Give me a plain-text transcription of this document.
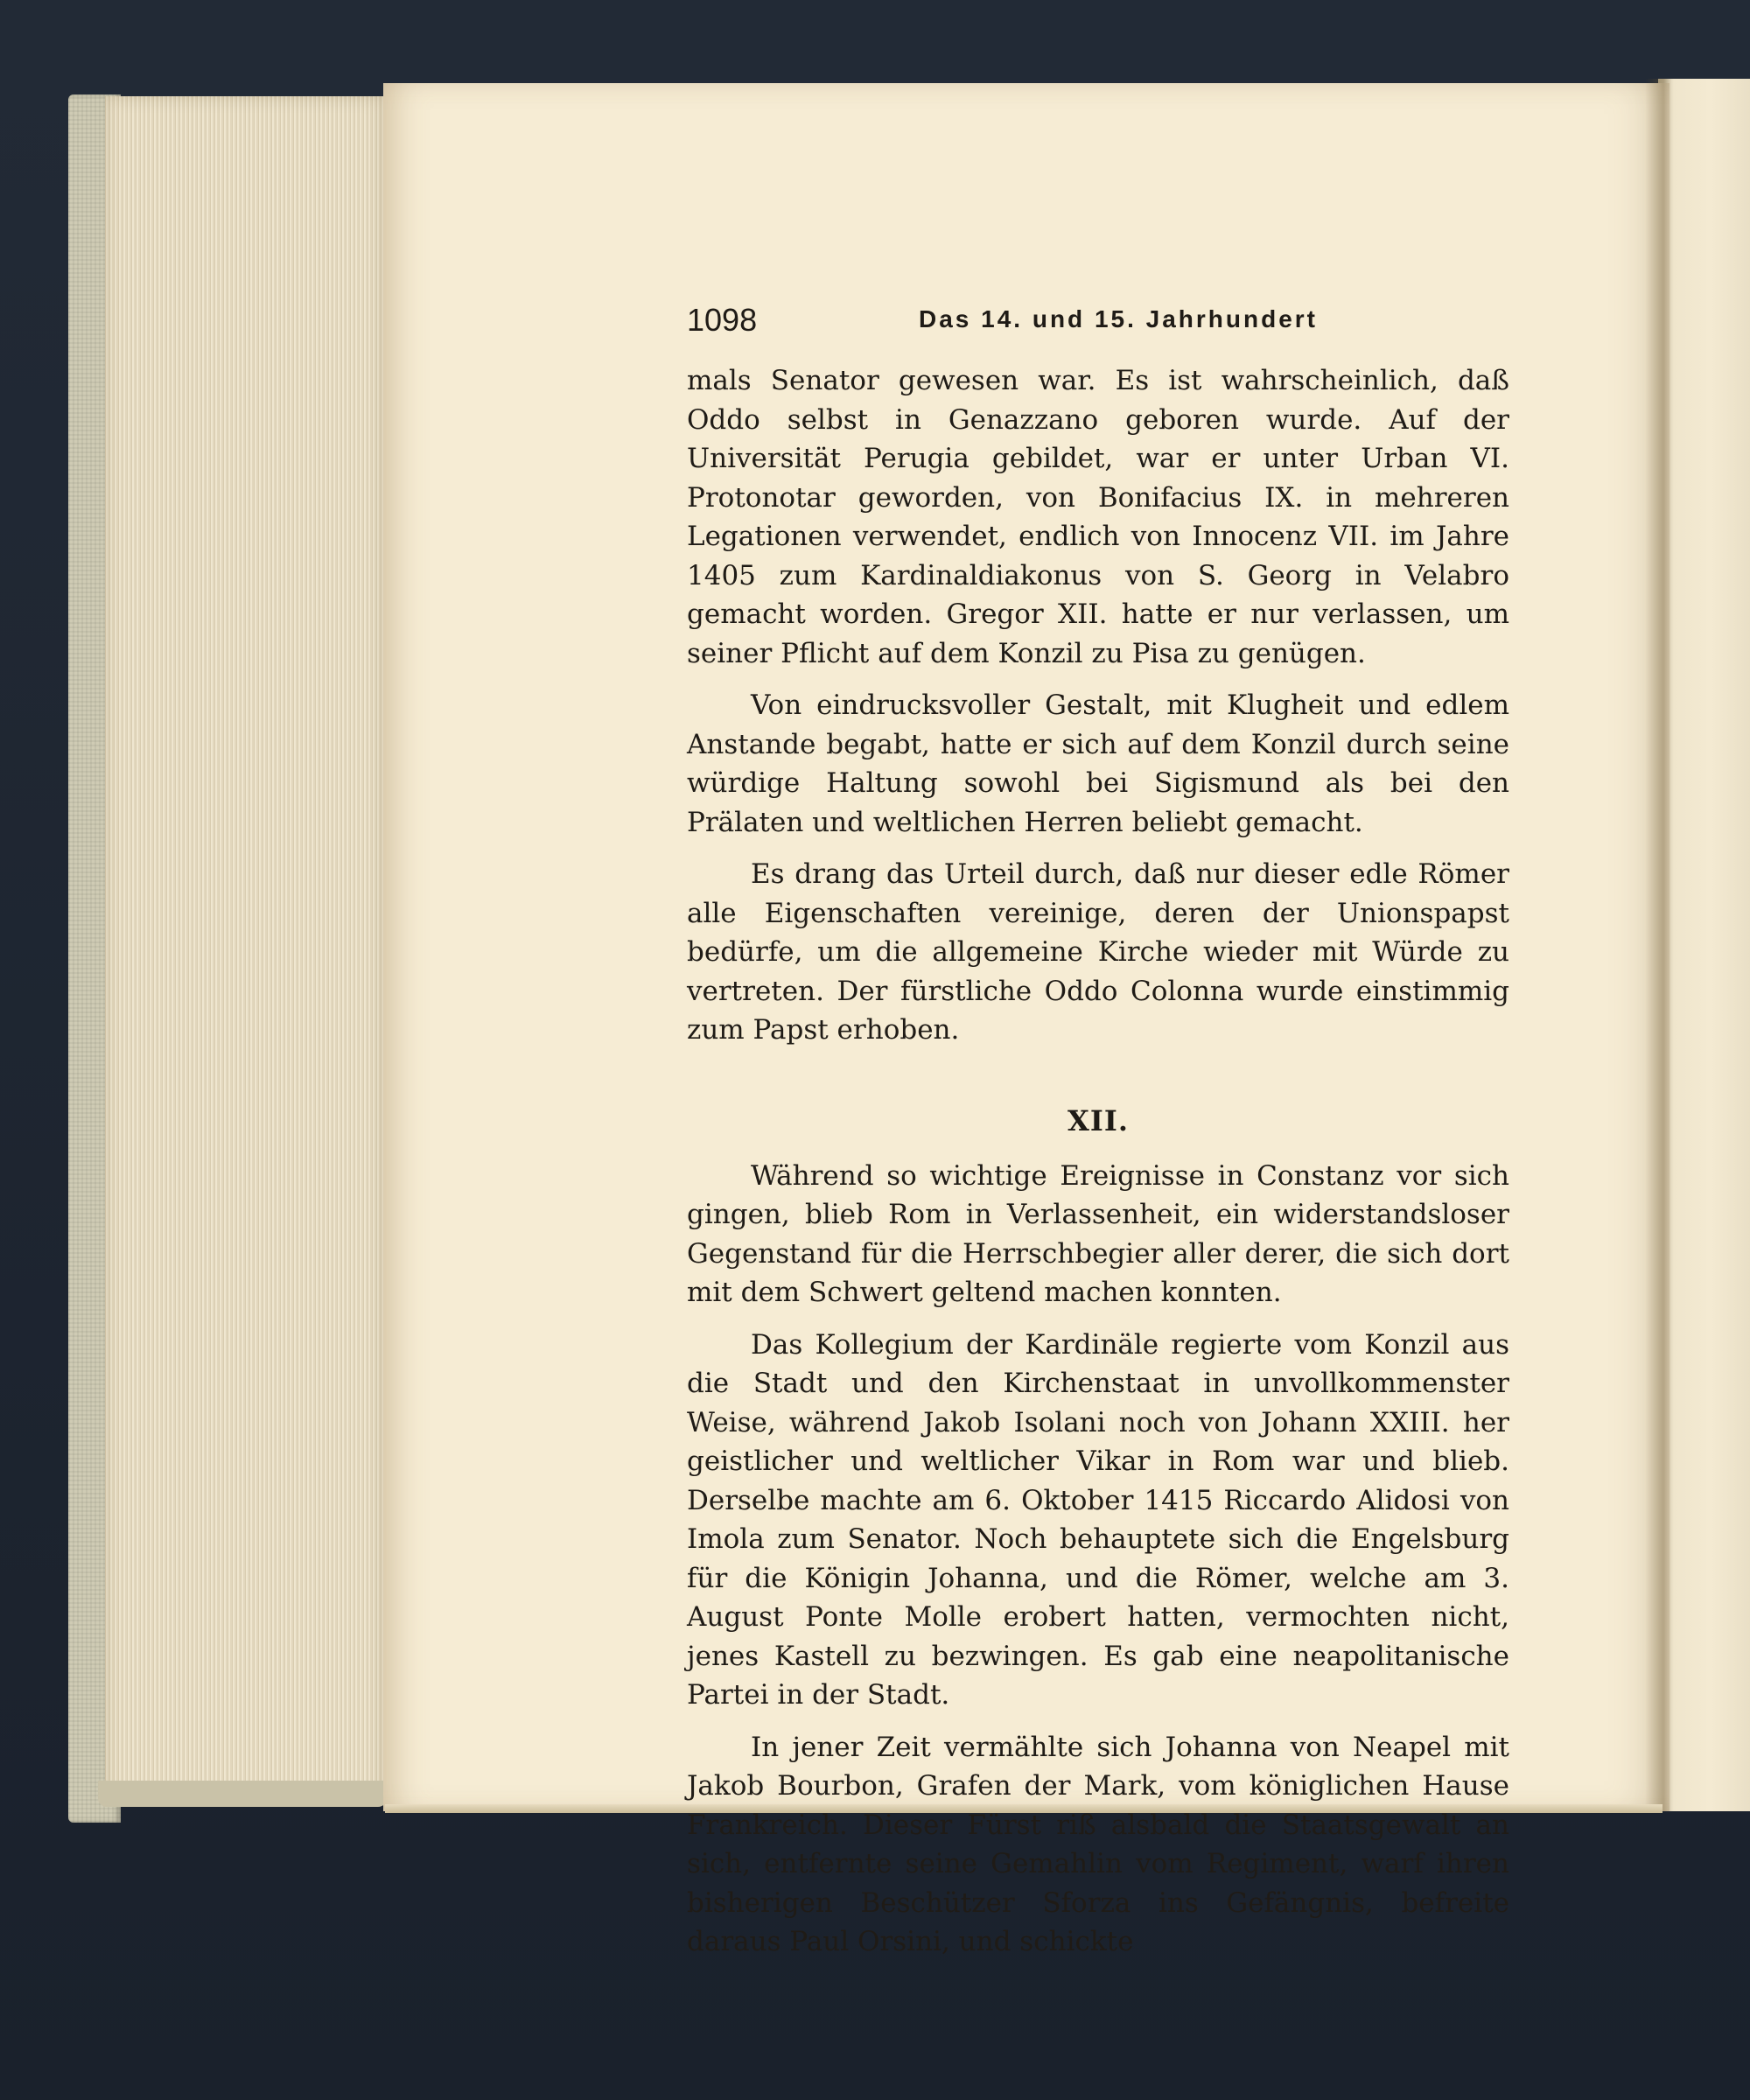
1098	Das 14. und 15. Jahrhundert

mals Senator gewesen war. Es ist wahrscheinlich, daß Oddo selbst in Genazzano geboren wurde. Auf der Universität Perugia gebildet, war er unter Urban VI. Protonotar geworden, von Bonifacius IX. in mehreren Legationen verwendet, endlich von Innocenz VII. im Jahre 1405 zum Kardinaldiakonus von S. Georg in Velabro gemacht worden. Gregor XII. hatte er nur verlassen, um seiner Pflicht auf dem Konzil zu Pisa zu genügen.

Von eindrucksvoller Gestalt, mit Klugheit und edlem Anstande begabt, hatte er sich auf dem Konzil durch seine würdige Haltung sowohl bei Sigismund als bei den Prälaten und weltlichen Herren beliebt gemacht.

Es drang das Urteil durch, daß nur dieser edle Römer alle Eigenschaften vereinige, deren der Unionspapst bedürfe, um die allgemeine Kirche wieder mit Würde zu vertreten. Der fürstliche Oddo Colonna wurde einstimmig zum Papst erhoben.

XII.

Während so wichtige Ereignisse in Constanz vor sich gingen, blieb Rom in Verlassenheit, ein widerstandsloser Gegenstand für die Herrschbegier aller derer, die sich dort mit dem Schwert geltend machen konnten.

Das Kollegium der Kardinäle regierte vom Konzil aus die Stadt und den Kirchenstaat in unvollkommenster Weise, während Jakob Isolani noch von Johann XXIII. her geistlicher und weltlicher Vikar in Rom war und blieb. Derselbe machte am 6. Oktober 1415 Riccardo Alidosi von Imola zum Senator. Noch behauptete sich die Engelsburg für die Königin Johanna, und die Römer, welche am 3. August Ponte Molle erobert hatten, vermochten nicht, jenes Kastell zu bezwingen. Es gab eine neapolitanische Partei in der Stadt.

In jener Zeit vermählte sich Johanna von Neapel mit Jakob Bourbon, Grafen der Mark, vom königlichen Hause Frankreich. Dieser Fürst riß alsbald die Staatsgewalt an sich, entfernte seine Gemahlin vom Regiment, warf ihren bisherigen Beschützer Sforza ins Gefängnis, befreite daraus Paul Orsini, und schickte
